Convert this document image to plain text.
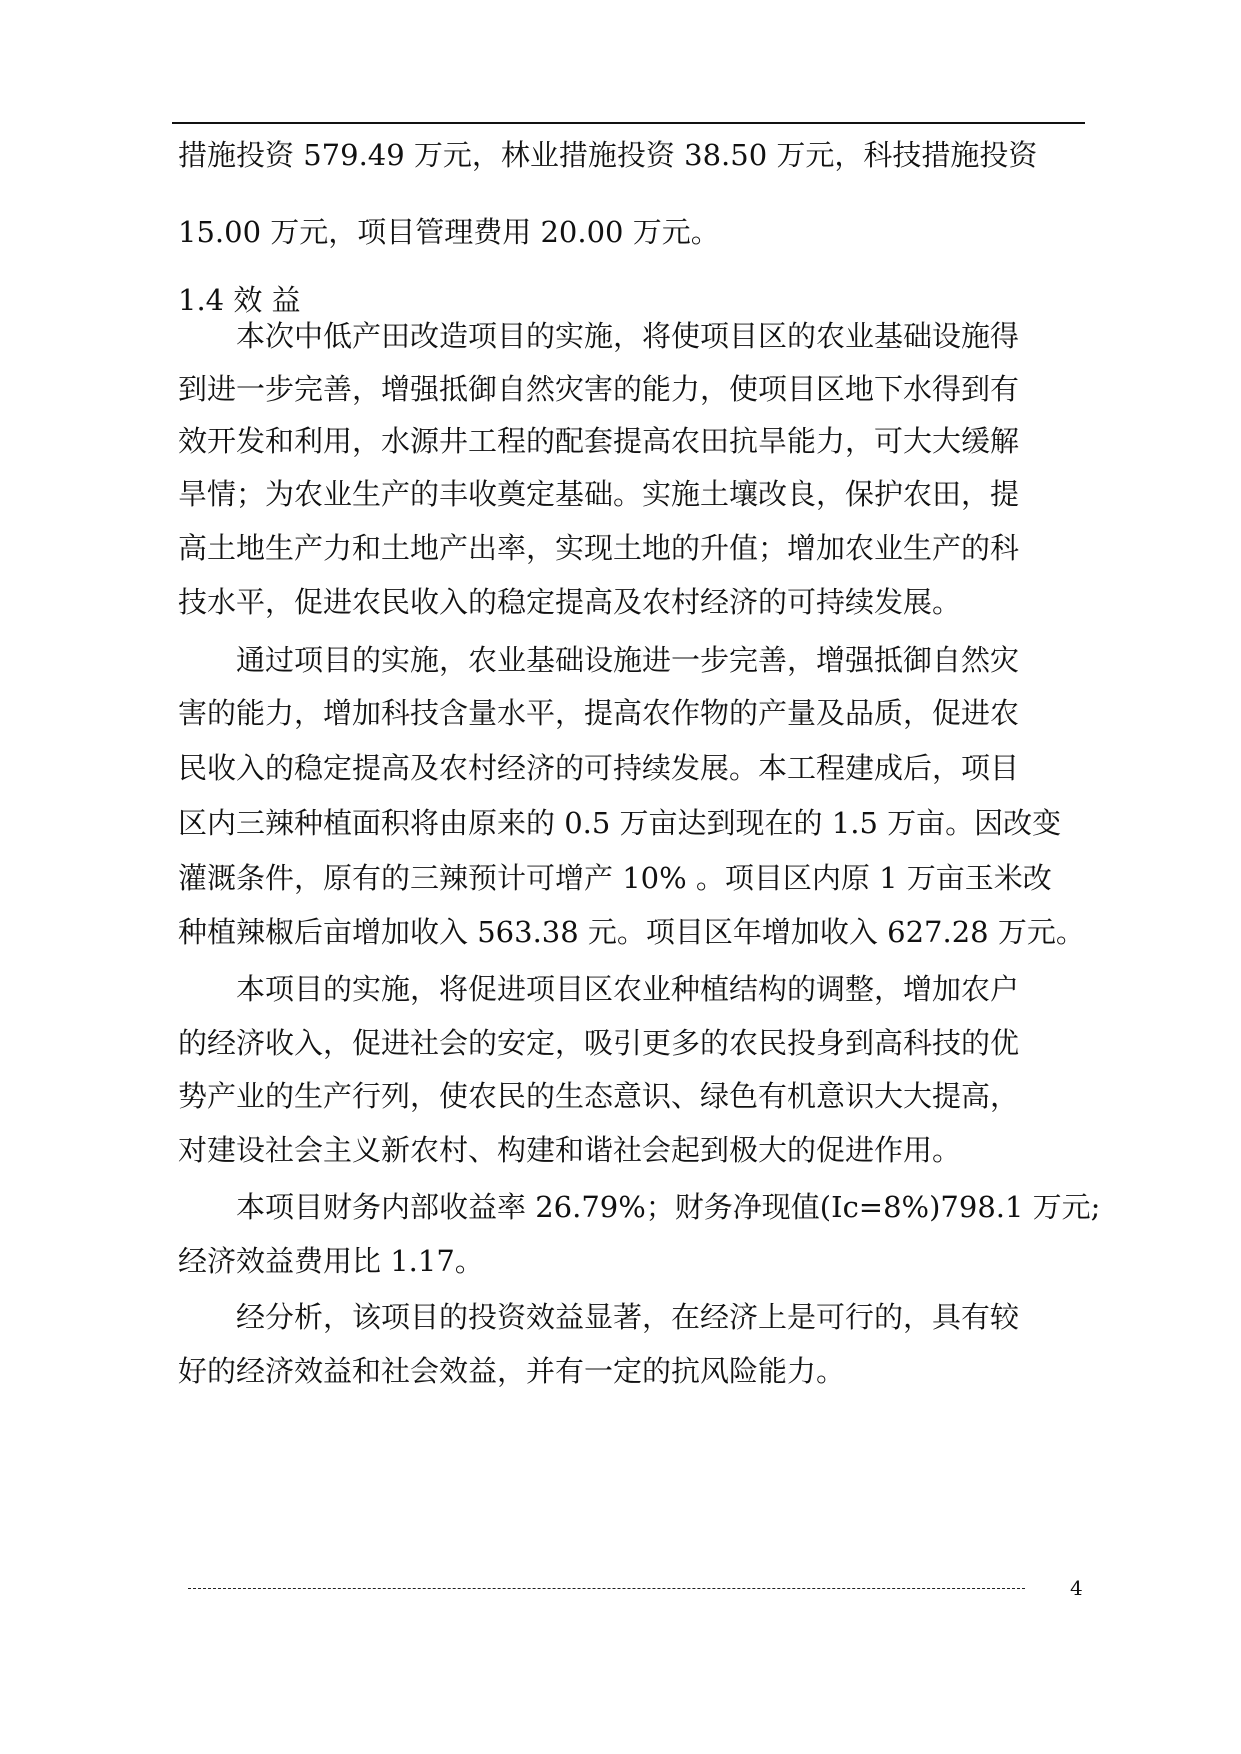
措施投资 579.49 万元，林业措施投资 38.50 万元，科技措施投资
15.00 万元，项目管理费用 20.00 万元。
1.4 效 益
本次中低产田改造项目的实施，将使项目区的农业基础设施得
到进一步完善，增强抵御自然灾害的能力，使项目区地下水得到有
效开发和利用，水源井工程的配套提高农田抗旱能力，可大大缓解
旱情；为农业生产的丰收奠定基础。实施土壤改良，保护农田，提
高土地生产力和土地产出率，实现土地的升值；增加农业生产的科
技水平，促进农民收入的稳定提高及农村经济的可持续发展。
通过项目的实施，农业基础设施进一步完善，增强抵御自然灾
害的能力，增加科技含量水平，提高农作物的产量及品质，促进农
民收入的稳定提高及农村经济的可持续发展。本工程建成后，项目
区内三辣种植面积将由原来的 0.5 万亩达到现在的 1.5 万亩。因改变
灌溉条件，原有的三辣预计可增产 10% 。项目区内原 1 万亩玉米改
种植辣椒后亩增加收入 563.38 元。项目区年增加收入 627.28 万元。
本项目的实施，将促进项目区农业种植结构的调整，增加农户
的经济收入，促进社会的安定，吸引更多的农民投身到高科技的优
势产业的生产行列，使农民的生态意识、绿色有机意识大大提高，
对建设社会主义新农村、构建和谐社会起到极大的促进作用。
本项目财务内部收益率 26.79%；财务净现值(Ic=8%)798.1 万元;
经济效益费用比 1.17。
经分析，该项目的投资效益显著，在经济上是可行的，具有较
好的经济效益和社会效益，并有一定的抗风险能力。
4
